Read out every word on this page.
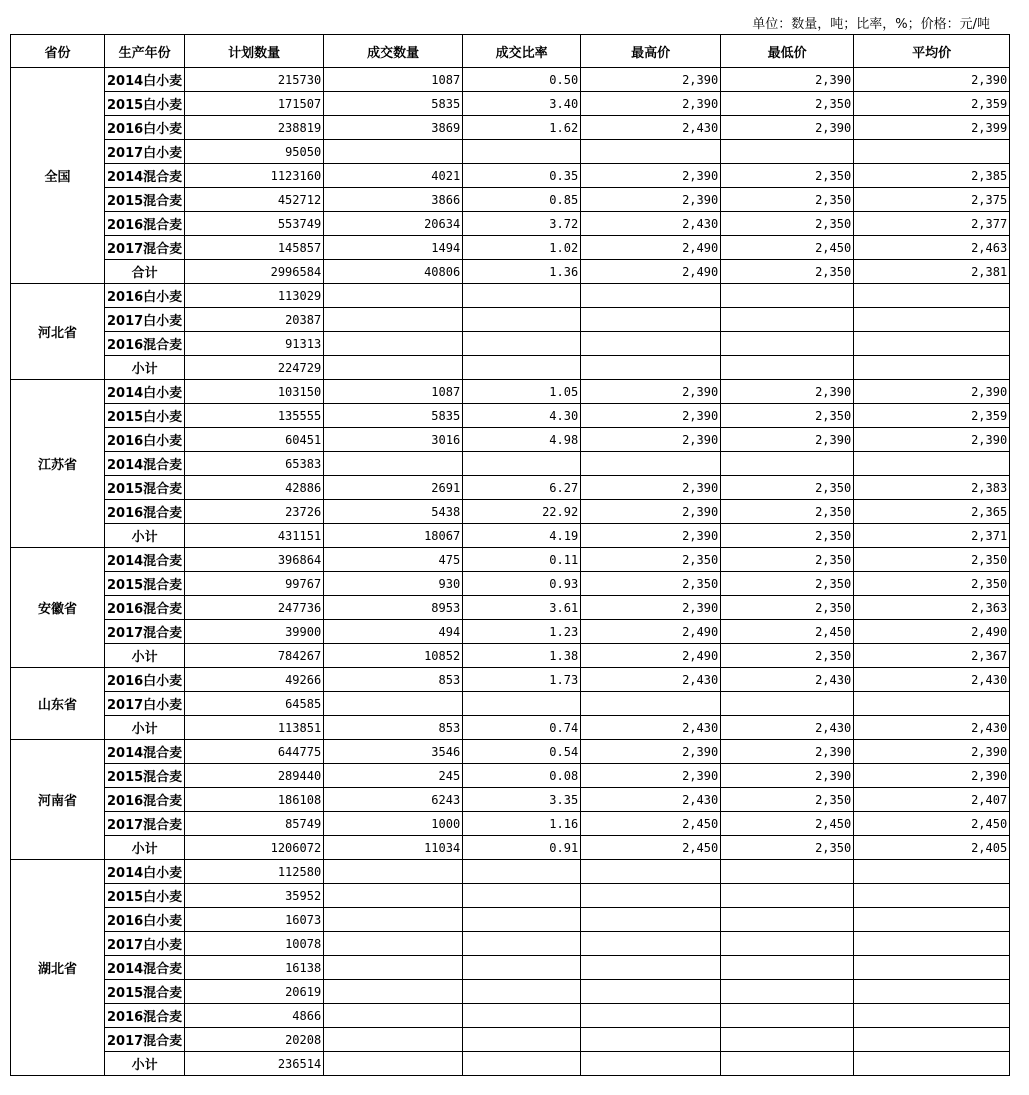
单位：数量，吨；比率，%；价格：元/吨
省份	生产年份	计划数量	成交数量	成交比率	最高价	最低价	平均价
全国	2014白小麦	215730	1087	0.50	2,390	2,390	2,390
	2015白小麦	171507	5835	3.40	2,390	2,350	2,359
	2016白小麦	238819	3869	1.62	2,430	2,390	2,399
	2017白小麦	95050					
	2014混合麦	1123160	4021	0.35	2,390	2,350	2,385
	2015混合麦	452712	3866	0.85	2,390	2,350	2,375
	2016混合麦	553749	20634	3.72	2,430	2,350	2,377
	2017混合麦	145857	1494	1.02	2,490	2,450	2,463
	合计	2996584	40806	1.36	2,490	2,350	2,381
河北省	2016白小麦	113029					
	2017白小麦	20387					
	2016混合麦	91313					
	小计	224729					
江苏省	2014白小麦	103150	1087	1.05	2,390	2,390	2,390
	2015白小麦	135555	5835	4.30	2,390	2,350	2,359
	2016白小麦	60451	3016	4.98	2,390	2,390	2,390
	2014混合麦	65383					
	2015混合麦	42886	2691	6.27	2,390	2,350	2,383
	2016混合麦	23726	5438	22.92	2,390	2,350	2,365
	小计	431151	18067	4.19	2,390	2,350	2,371
安徽省	2014混合麦	396864	475	0.11	2,350	2,350	2,350
	2015混合麦	99767	930	0.93	2,350	2,350	2,350
	2016混合麦	247736	8953	3.61	2,390	2,350	2,363
	2017混合麦	39900	494	1.23	2,490	2,450	2,490
	小计	784267	10852	1.38	2,490	2,350	2,367
山东省	2016白小麦	49266	853	1.73	2,430	2,430	2,430
	2017白小麦	64585					
	小计	113851	853	0.74	2,430	2,430	2,430
河南省	2014混合麦	644775	3546	0.54	2,390	2,390	2,390
	2015混合麦	289440	245	0.08	2,390	2,390	2,390
	2016混合麦	186108	6243	3.35	2,430	2,350	2,407
	2017混合麦	85749	1000	1.16	2,450	2,450	2,450
	小计	1206072	11034	0.91	2,450	2,350	2,405
湖北省	2014白小麦	112580					
	2015白小麦	35952					
	2016白小麦	16073					
	2017白小麦	10078					
	2014混合麦	16138					
	2015混合麦	20619					
	2016混合麦	4866					
	2017混合麦	20208					
	小计	236514					
